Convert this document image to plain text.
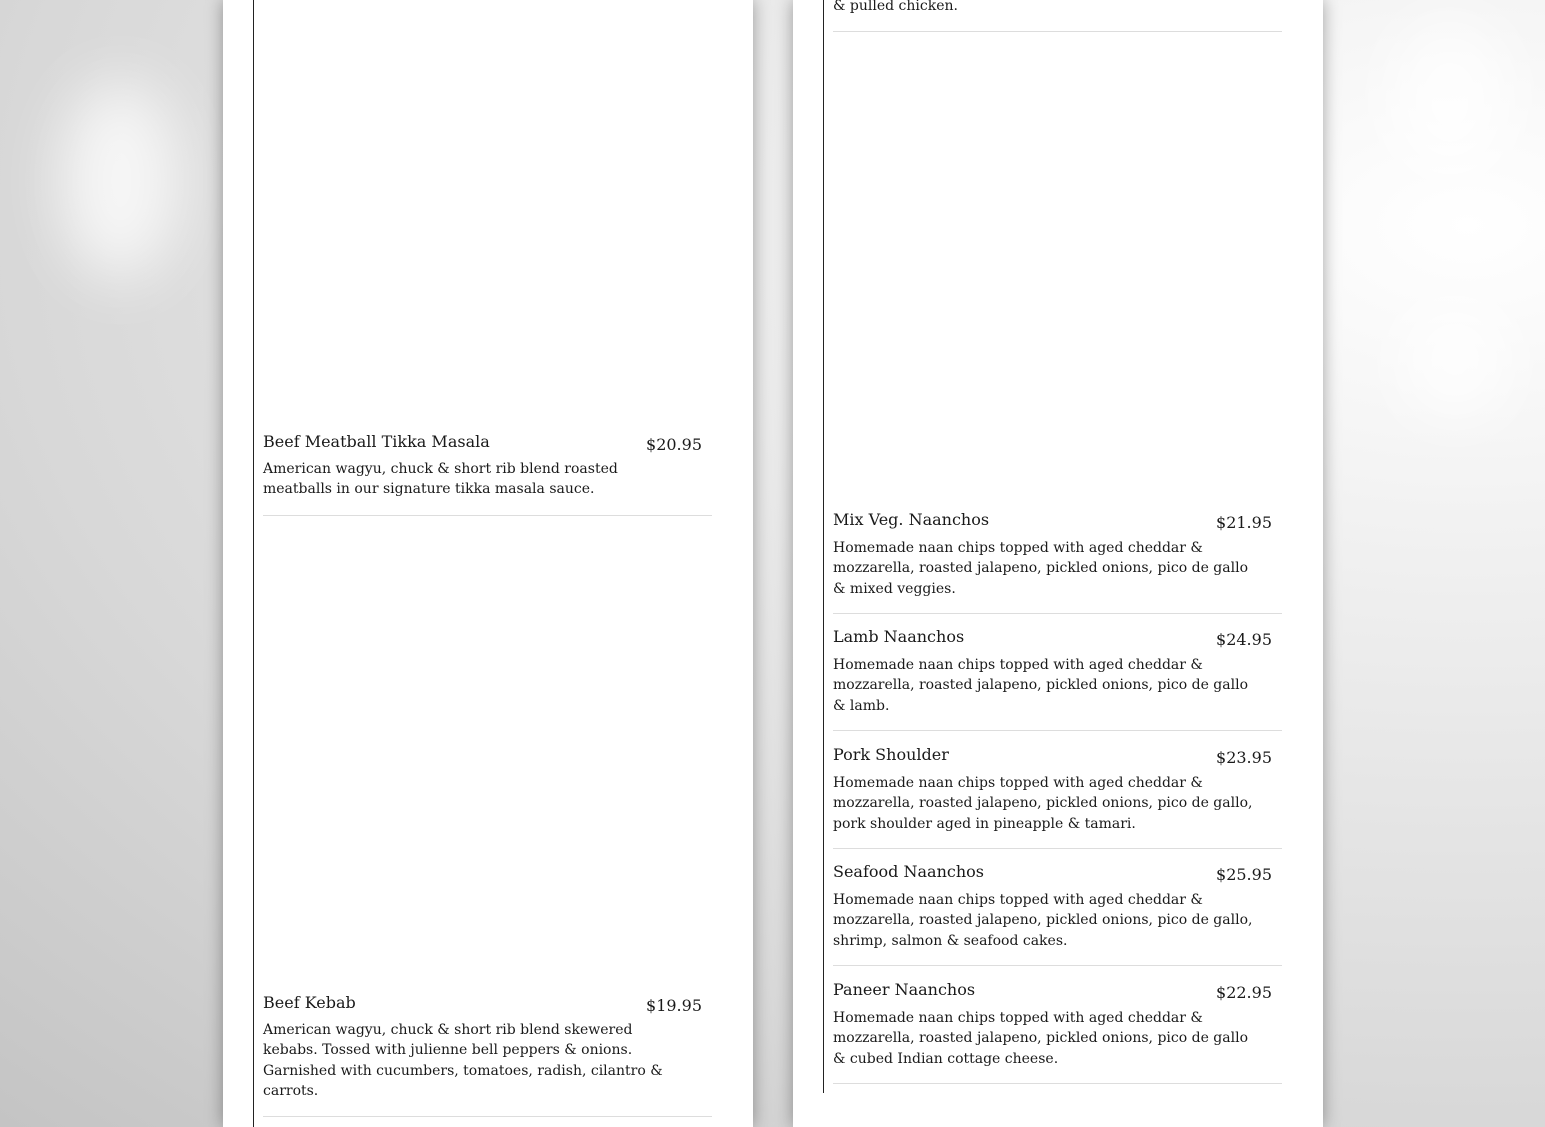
Beef Meatball Tikka Masala	$20.95
American wagyu, chuck & short rib blend roasted meatballs in our signature tikka masala sauce.
Beef Kebab	$19.95
American wagyu, chuck & short rib blend skewered kebabs. Tossed with julienne bell peppers & onions. Garnished with cucumbers, tomatoes, radish, cilantro & carrots.
& pulled chicken.
Mix Veg. Naanchos	$21.95
Homemade naan chips topped with aged cheddar & mozzarella, roasted jalapeno, pickled onions, pico de gallo & mixed veggies.
Lamb Naanchos	$24.95
Homemade naan chips topped with aged cheddar & mozzarella, roasted jalapeno, pickled onions, pico de gallo & lamb.
Pork Shoulder	$23.95
Homemade naan chips topped with aged cheddar & mozzarella, roasted jalapeno, pickled onions, pico de gallo, pork shoulder aged in pineapple & tamari.
Seafood Naanchos	$25.95
Homemade naan chips topped with aged cheddar & mozzarella, roasted jalapeno, pickled onions, pico de gallo, shrimp, salmon & seafood cakes.
Paneer Naanchos	$22.95
Homemade naan chips topped with aged cheddar & mozzarella, roasted jalapeno, pickled onions, pico de gallo & cubed Indian cottage cheese.
